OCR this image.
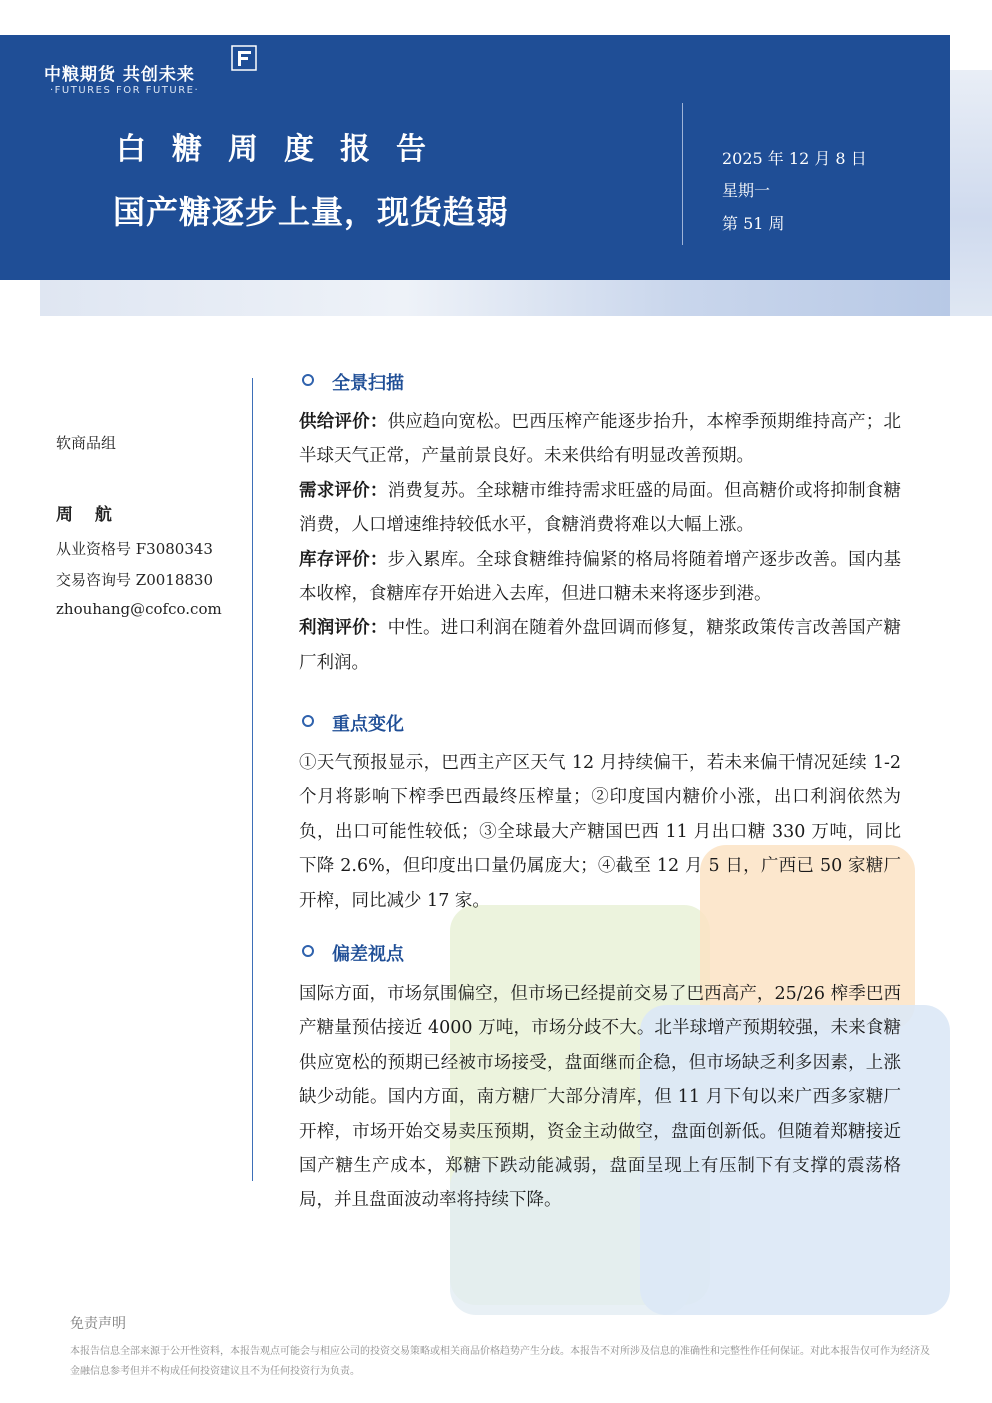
中粮期货 共创未来
·FUTURES FOR FUTURE·
白糖周度报告
国产糖逐步上量，现货趋弱
2025 年 12 月 8 日
星期一
第 51 周
软商品组
周 航
从业资格号 F3080343
交易咨询号 Z0018830
zhouhang@cofco.com
全景扫描

供给评价：供应趋向宽松。巴西压榨产能逐步抬升，本榨季预期维持高产；北半球天气正常，产量前景良好。未来供给有明显改善预期。

需求评价：消费复苏。全球糖市维持需求旺盛的局面。但高糖价或将抑制食糖消费，人口增速维持较低水平，食糖消费将难以大幅上涨。

库存评价：步入累库。全球食糖维持偏紧的格局将随着增产逐步改善。国内基本收榨，食糖库存开始进入去库，但进口糖未来将逐步到港。

利润评价：中性。进口利润在随着外盘回调而修复，糖浆政策传言改善国产糖厂利润。

重点变化

①天气预报显示，巴西主产区天气 12 月持续偏干，若未来偏干情况延续 1-2 个月将影响下榨季巴西最终压榨量；②印度国内糖价小涨，出口利润依然为负，出口可能性较低；③全球最大产糖国巴西 11 月出口糖 330 万吨，同比下降 2.6%，但印度出口量仍属庞大；④截至 12 月 5 日，广西已 50 家糖厂开榨，同比减少 17 家。

偏差视点

国际方面，市场氛围偏空，但市场已经提前交易了巴西高产，25/26 榨季巴西产糖量预估接近 4000 万吨，市场分歧不大。北半球增产预期较强，未来食糖供应宽松的预期已经被市场接受，盘面继而企稳，但市场缺乏利多因素，上涨缺少动能。国内方面，南方糖厂大部分清库，但 11 月下旬以来广西多家糖厂开榨，市场开始交易卖压预期，资金主动做空，盘面创新低。但随着郑糖接近国产糖生产成本，郑糖下跌动能减弱，盘面呈现上有压制下有支撑的震荡格局，并且盘面波动率将持续下降。

免责声明
本报告信息全部来源于公开性资料，本报告观点可能会与相应公司的投资交易策略或相关商品价格趋势产生分歧。本报告不对所涉及信息的准确性和完整性作任何保证。对此本报告仅可作为经济及金融信息参考但并不构成任何投资建议且不为任何投资行为负责。
